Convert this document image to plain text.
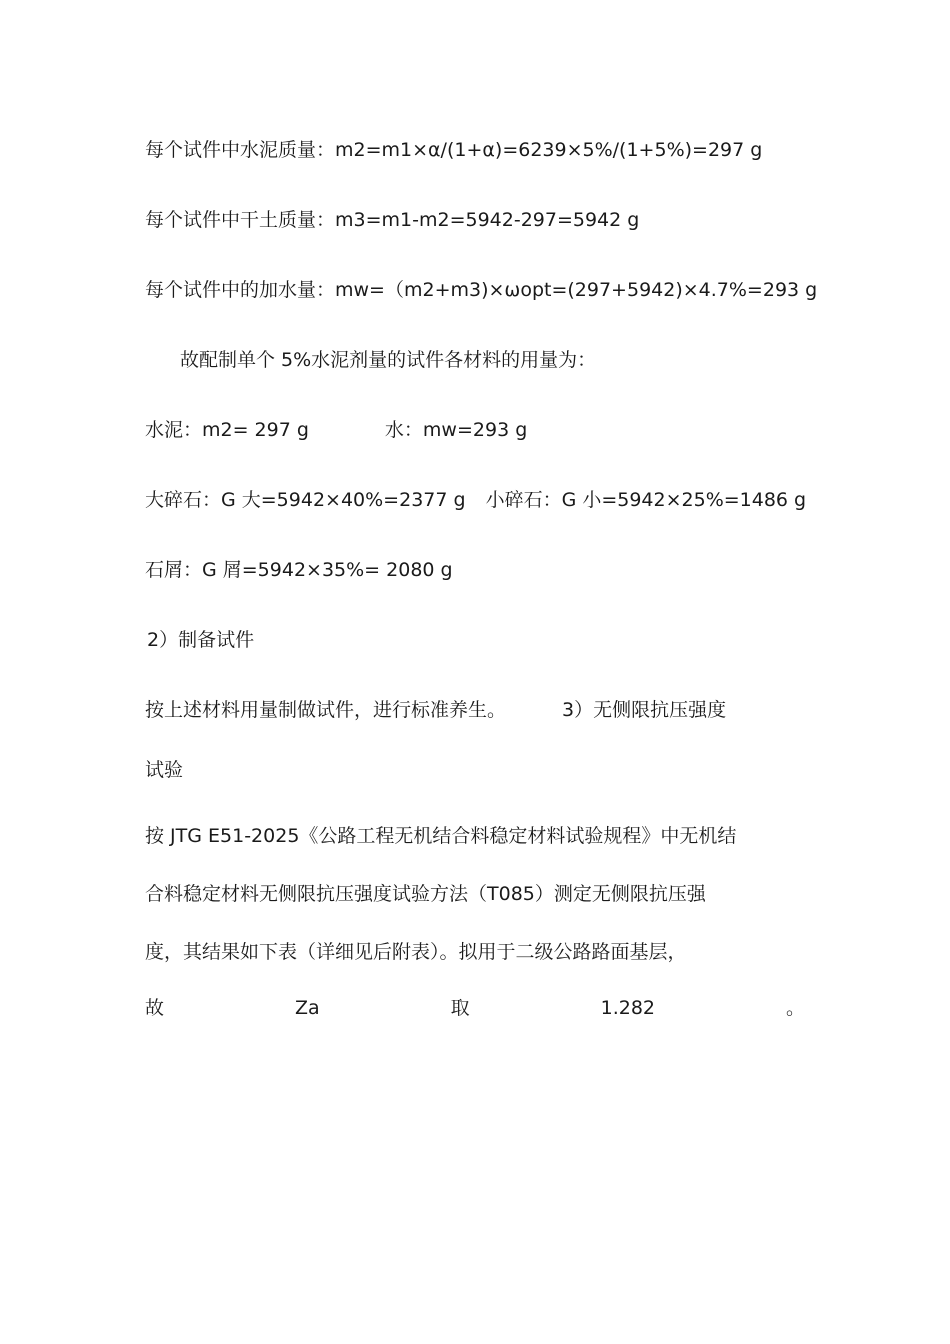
每个试件中水泥质量：m2=m1×α/(1+α)=6239×5%/(1+5%)=297 g
每个试件中干土质量：m3=m1-m2=5942-297=5942 g
每个试件中的加水量：mw=（m2+m3)×ωopt=(297+5942)×4.7%=293 g
故配制单个 5%水泥剂量的试件各材料的用量为：
水泥：m2= 297 g	水：mw=293 g
大碎石：G 大=5942×40%=2377 g 小碎石：G 小=5942×25%=1486 g
石屑：G 屑=5942×35%= 2080 g
2）制备试件
按上述材料用量制做试件，进行标准养生。	3）无侧限抗压强度
试验
按 JTG E51-2025《公路工程无机结合料稳定材料试验规程》中无机结
合料稳定材料无侧限抗压强度试验方法（T085）测定无侧限抗压强
度，其结果如下表（详细见后附表）。拟用于二级公路路面基层，
故	Za	取	1.282	。
